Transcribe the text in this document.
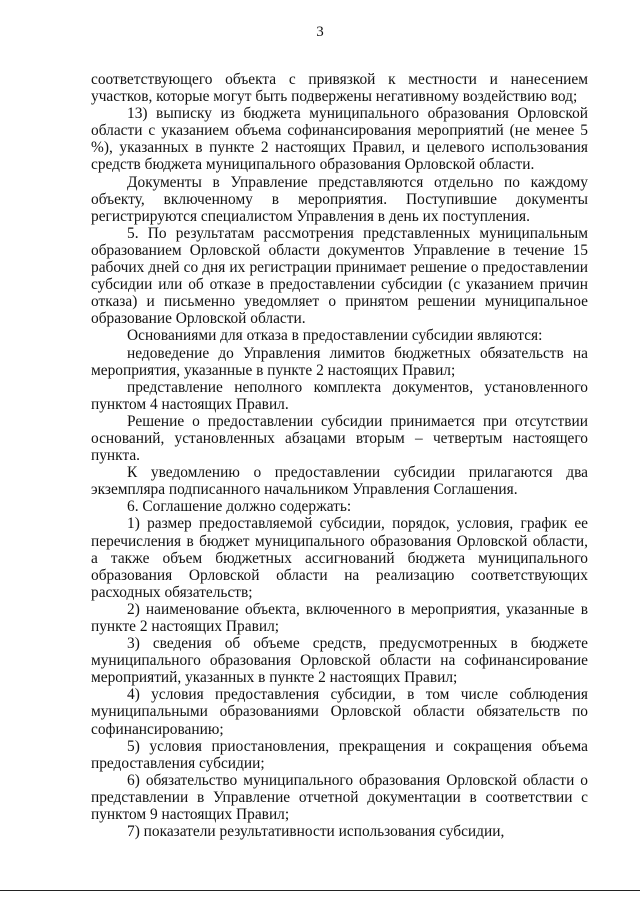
3

соответствующего объекта с привязкой к местности и нанесением участков, которые могут быть подвержены негативному воздействию вод;

13) выписку из бюджета муниципального образования Орловской области с указанием объема софинансирования мероприятий (не менее 5 %), указанных в пункте 2 настоящих Правил, и целевого использования средств бюджета муниципального образования Орловской области.

Документы в Управление представляются отдельно по каждому объекту, включенному в мероприятия. Поступившие документы регистрируются специалистом Управления в день их поступления.

5. По результатам рассмотрения представленных муниципальным образованием Орловской области документов Управление в течение 15 рабочих дней со дня их регистрации принимает решение о предоставлении субсидии или об отказе в предоставлении субсидии (с указанием причин отказа) и письменно уведомляет о принятом решении муниципальное образование Орловской области.

Основаниями для отказа в предоставлении субсидии являются:

недоведение до Управления лимитов бюджетных обязательств на мероприятия, указанные в пункте 2 настоящих Правил;

представление неполного комплекта документов, установленного пунктом 4 настоящих Правил.

Решение о предоставлении субсидии принимается при отсутствии оснований, установленных абзацами вторым – четвертым настоящего пункта.

К уведомлению о предоставлении субсидии прилагаются два экземпляра подписанного начальником Управления Соглашения.

6. Соглашение должно содержать:

1) размер предоставляемой субсидии, порядок, условия, график ее перечисления в бюджет муниципального образования Орловской области, а также объем бюджетных ассигнований бюджета муниципального образования Орловской области на реализацию соответствующих расходных обязательств;

2) наименование объекта, включенного в мероприятия, указанные в пункте 2 настоящих Правил;

3) сведения об объеме средств, предусмотренных в бюджете муниципального образования Орловской области на софинансирование мероприятий, указанных в пункте 2 настоящих Правил;

4) условия предоставления субсидии, в том числе соблюдения муниципальными образованиями Орловской области обязательств по софинансированию;

5) условия приостановления, прекращения и сокращения объема предоставления субсидии;

6) обязательство муниципального образования Орловской области о представлении в Управление отчетной документации в соответствии с пунктом 9 настоящих Правил;

7) показатели результативности использования субсидии,
